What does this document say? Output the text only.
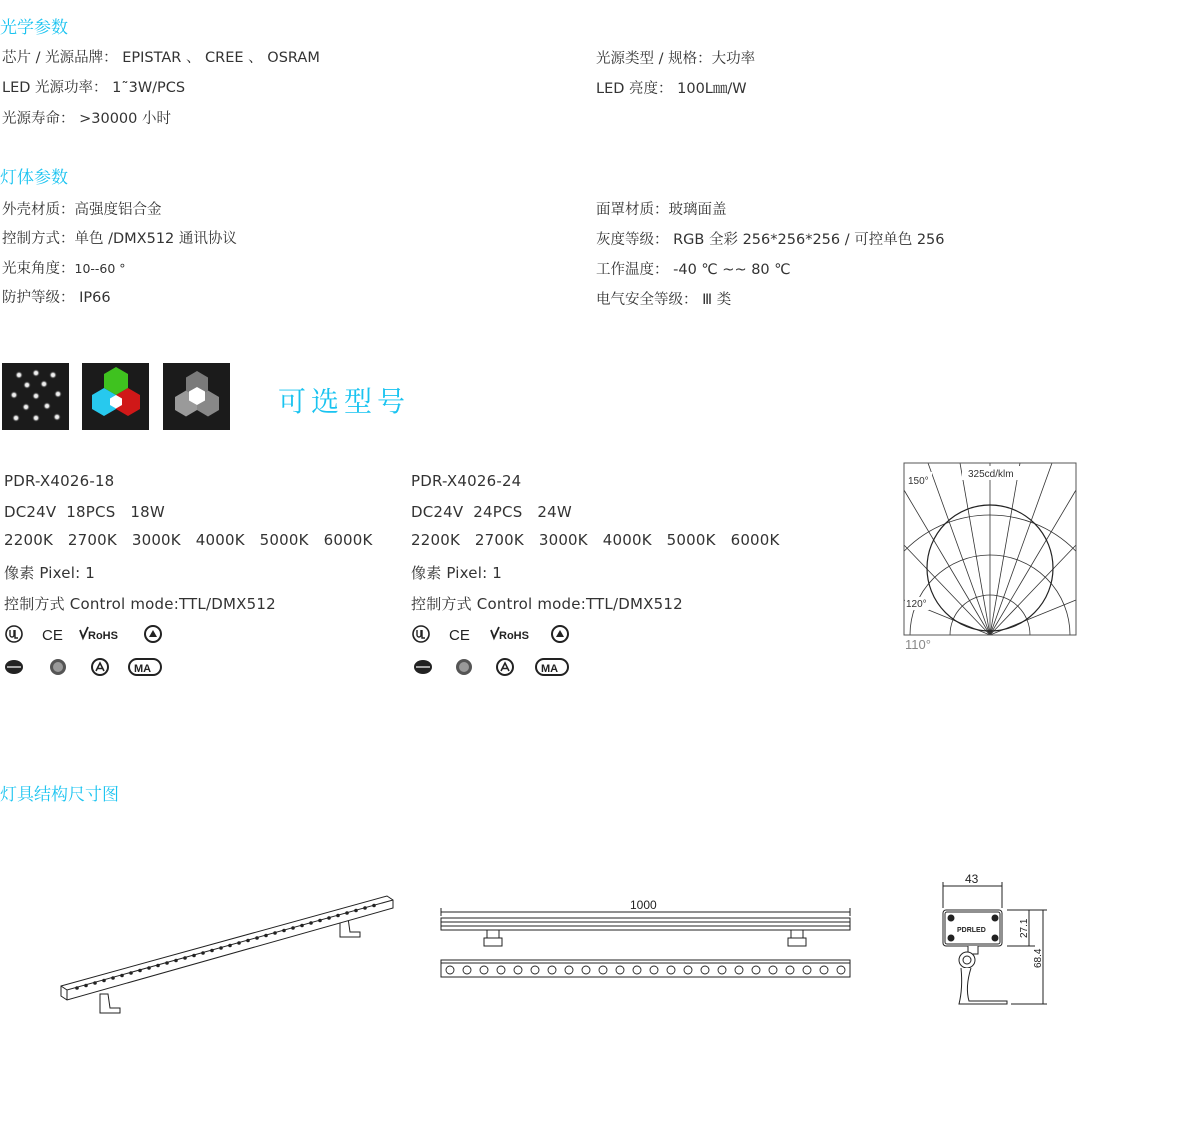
光学参数
芯片 / 光源品牌： EPISTAR 、 CREE 、 OSRAM
LED 光源功率： 1˜3W/PCS
光源寿命： >30000 小时
光源类型 / 规格：大功率
LED 亮度： 100L㎜/W
灯体参数
外壳材质：高强度铝合金
控制方式：单色 /DMX512 通讯协议
光束角度：10--60 °
防护等级： IP66
面罩材质：玻璃面盖
灰度等级： RGB 全彩 256*256*256 / 可控单色 256
工作温度： -40 ℃ ~~ 80 ℃
电气安全等级： Ⅲ 类
可选型号
PDR-X4026-18
DC24V  18PCS   18W
2200K   2700K   3000K   4000K   5000K   6000K
像素 Pixel: 1
控制方式 Control mode:TTL/DMX512
CE RoHS
MA
PDR-X4026-24
DC24V  24PCS   24W
2200K   2700K   3000K   4000K   5000K   6000K
像素 Pixel: 1
控制方式 Control mode:TTL/DMX512
CE	RoHS
MA
325cd/klm
150°
120°
110°
灯具结构尺寸图
1000
43
PDRLED	27.1
68.4
